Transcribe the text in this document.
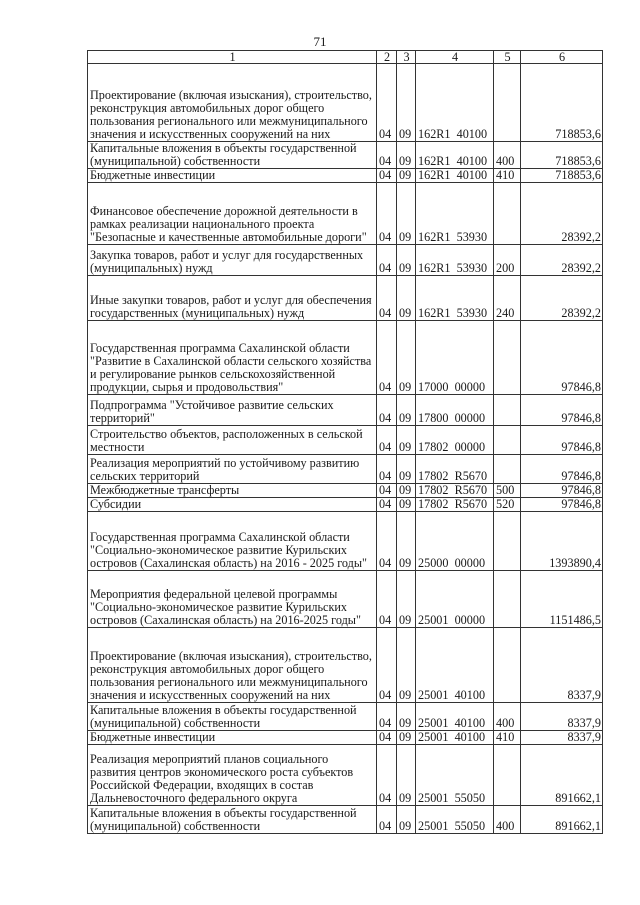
71
1	2	3	4	5	6
Проектирование (включая изыскания), строительство, реконструкция автомобильных дорог общего пользования регионального или межмуниципального значения и искусственных сооружений на них	04	09	162R1  40100		718853,6
Капитальные вложения в объекты государственной (муниципальной) собственности	04	09	162R1  40100	400	718853,6
Бюджетные инвестиции	04	09	162R1  40100	410	718853,6
Финансовое обеспечение дорожной деятельности в рамках реализации национального проекта "Безопасные и качественные автомобильные дороги"	04	09	162R1  53930		28392,2
Закупка товаров, работ и услуг для государственных (муниципальных) нужд	04	09	162R1  53930	200	28392,2
Иные закупки товаров, работ и услуг для обеспечения государственных (муниципальных) нужд	04	09	162R1  53930	240	28392,2
Государственная программа Сахалинской области "Развитие в Сахалинской области сельского хозяйства и регулирование рынков сельскохозяйственной продукции, сырья и продовольствия"	04	09	17000  00000		97846,8
Подпрограмма "Устойчивое развитие сельских территорий"	04	09	17800  00000		97846,8
Строительство объектов, расположенных в сельской местности	04	09	17802  00000		97846,8
Реализация мероприятий по устойчивому развитию сельских территорий	04	09	17802  R5670		97846,8
Межбюджетные трансферты	04	09	17802  R5670	500	97846,8
Субсидии	04	09	17802  R5670	520	97846,8
Государственная программа Сахалинской области "Социально-экономическое развитие Курильских островов (Сахалинская область) на 2016 - 2025 годы"	04	09	25000  00000		1393890,4
Мероприятия федеральной целевой программы "Социально-экономическое развитие Курильских островов (Сахалинская область) на 2016-2025 годы"	04	09	25001  00000		1151486,5
Проектирование (включая изыскания), строительство, реконструкция автомобильных дорог общего пользования регионального или межмуниципального значения и искусственных сооружений на них	04	09	25001  40100		8337,9
Капитальные вложения в объекты государственной (муниципальной) собственности	04	09	25001  40100	400	8337,9
Бюджетные инвестиции	04	09	25001  40100	410	8337,9
Реализация мероприятий планов социального развития центров экономического роста субъектов Российской Федерации, входящих в состав Дальневосточного федерального округа	04	09	25001  55050		891662,1
Капитальные вложения в объекты государственной (муниципальной) собственности	04	09	25001  55050	400	891662,1
